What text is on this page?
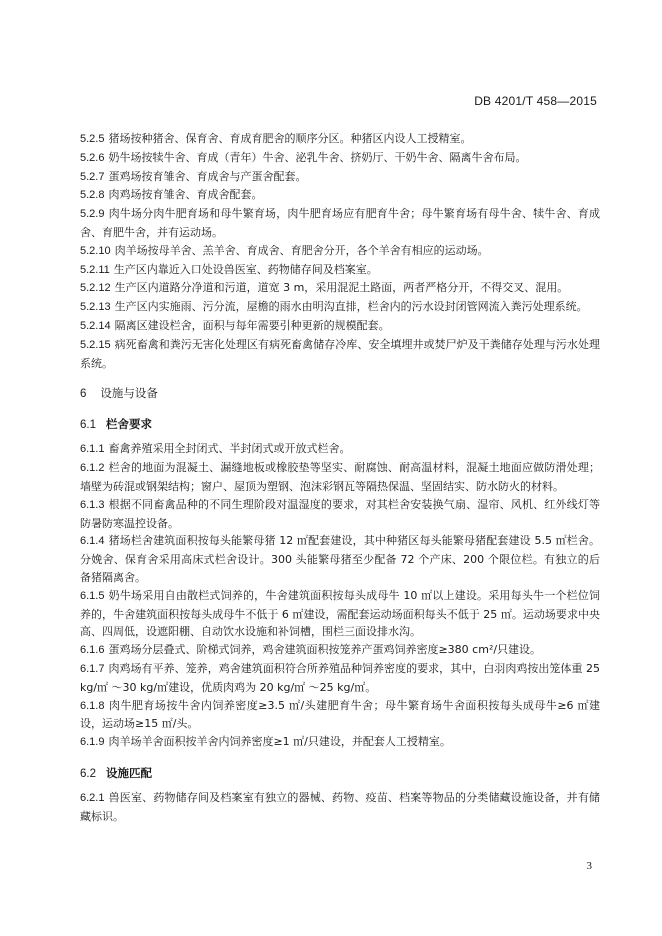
DB 4201/T 458—2015

5.2.5 猪场按种猪舍、保育舍、育成育肥舍的顺序分区。种猪区内设人工授精室。

5.2.6 奶牛场按犊牛舍、育成（青年）牛舍、泌乳牛舍、挤奶厅、干奶牛舍、隔离牛舍布局。

5.2.7 蛋鸡场按育雏舍、育成舍与产蛋舍配套。

5.2.8 肉鸡场按育雏舍、育成舍配套。

5.2.9 肉牛场分肉牛肥育场和母牛繁育场，肉牛肥育场应有肥育牛舍；母牛繁育场有母牛舍、犊牛舍、育成舍、育肥牛舍，并有运动场。

5.2.10 肉羊场按母羊舍、羔羊舍、育成舍、育肥舍分开，各个羊舍有相应的运动场。

5.2.11 生产区内靠近入口处设兽医室、药物储存间及档案室。

5.2.12 生产区内道路分净道和污道，道宽 3 m，采用混泥土路面，两者严格分开，不得交叉、混用。

5.2.13 生产区内实施雨、污分流，屋檐的雨水由明沟直排，栏舍内的污水设封闭管网流入粪污处理系统。

5.2.14 隔离区建设栏舍，面积与每年需要引种更新的规模配套。

5.2.15 病死畜禽和粪污无害化处理区有病死畜禽储存冷库、安全填埋井或焚尸炉及干粪储存处理与污水处理系统。

6 设施与设备

6.1 栏舍要求

6.1.1 畜禽养殖采用全封闭式、半封闭式或开放式栏舍。

6.1.2 栏舍的地面为混凝土、漏缝地板或橡胶垫等坚实、耐腐蚀、耐高温材料，混凝土地面应做防滑处理；墙壁为砖混或钢架结构；窗户、屋顶为塑钢、泡沫彩钢瓦等隔热保温、坚固结实、防水防火的材料。

6.1.3 根据不同畜禽品种的不同生理阶段对温湿度的要求，对其栏舍安装换气扇、湿帘、风机、红外线灯等防暑防寒温控设备。

6.1.4 猪场栏舍建筑面积按每头能繁母猪 12 ㎡配套建设，其中种猪区每头能繁母猪配套建设 5.5 ㎡栏舍。分娩舍、保育舍采用高床式栏舍设计。300 头能繁母猪至少配备 72 个产床、200 个限位栏。有独立的后备猪隔离舍。

6.1.5 奶牛场采用自由散栏式饲养的，牛舍建筑面积按每头成母牛 10 ㎡以上建设。采用每头牛一个栏位饲养的，牛舍建筑面积按每头成母牛不低于 6 ㎡建设，需配套运动场面积每头不低于 25 ㎡。运动场要求中央高、四周低，设遮阳棚、自动饮水设施和补饲槽，围栏三面设排水沟。

6.1.6 蛋鸡场分层叠式、阶梯式饲养，鸡舍建筑面积按笼养产蛋鸡饲养密度≥380 cm²/只建设。

6.1.7 肉鸡场有平养、笼养，鸡舍建筑面积符合所养殖品种饲养密度的要求，其中，白羽肉鸡按出笼体重 25 kg/㎡ ～30 kg/㎡建设，优质肉鸡为 20 kg/㎡ ～25 kg/㎡。

6.1.8 肉牛肥育场按牛舍内饲养密度≥3.5 ㎡/头建肥育牛舍；母牛繁育场牛舍面积按每头成母牛≥6 ㎡建设，运动场≥15 ㎡/头。

6.1.9 肉羊场羊舍面积按羊舍内饲养密度≥1 ㎡/只建设，并配套人工授精室。

6.2 设施匹配

6.2.1 兽医室、药物储存间及档案室有独立的器械、药物、疫苗、档案等物品的分类储藏设施设备，并有储藏标识。

3
